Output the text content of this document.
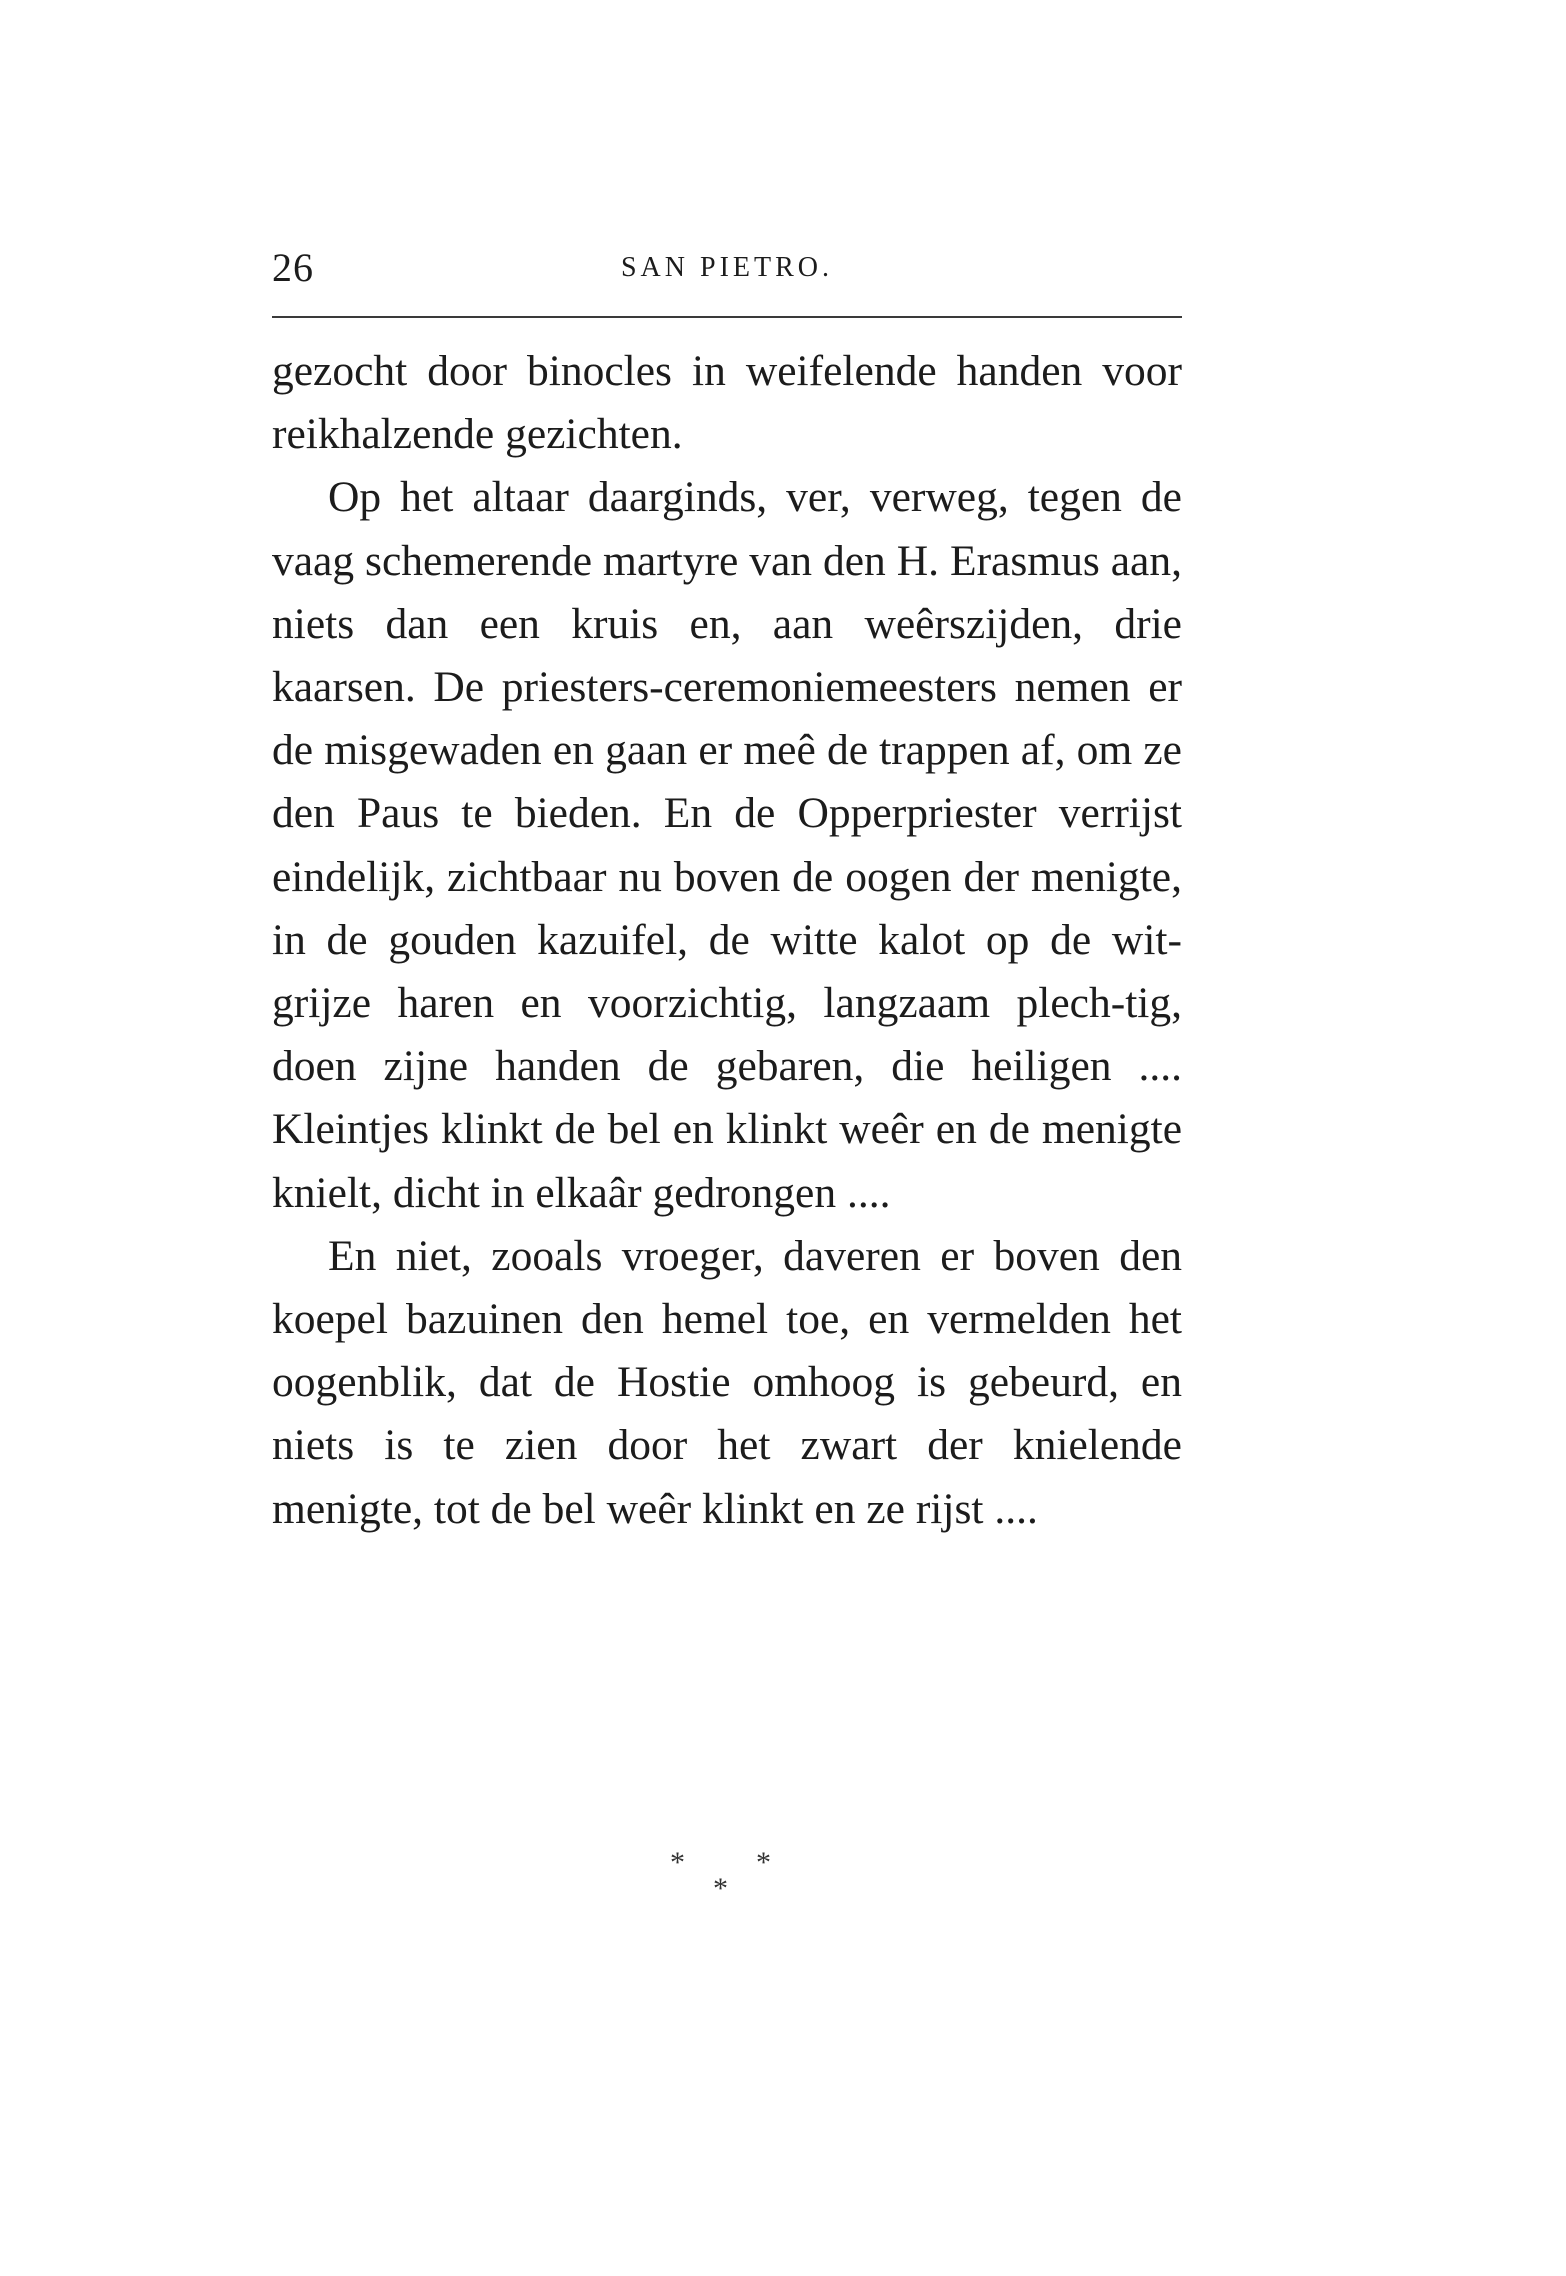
26	SAN PIETRO.

gezocht door binocles in weifelende handen voor reikhalzende gezichten.

Op het altaar daarginds, ver, verweg, tegen de vaag schemerende martyre van den H. Erasmus aan, niets dan een kruis en, aan weêrszijden, drie kaarsen. De priesters-ceremoniemeesters nemen er de misgewaden en gaan er meê de trappen af, om ze den Paus te bieden. En de Opperpriester verrijst eindelijk, zichtbaar nu boven de oogen der menigte, in de gouden kazuifel, de witte kalot op de wit-grijze haren en voorzichtig, langzaam plech-tig, doen zijne handen de gebaren, die heiligen .... Kleintjes klinkt de bel en klinkt weêr en de menigte knielt, dicht in elkaâr gedrongen ....

En niet, zooals vroeger, daveren er boven den koepel bazuinen den hemel toe, en vermelden het oogenblik, dat de Hostie omhoog is gebeurd, en niets is te zien door het zwart der knielende menigte, tot de bel weêr klinkt en ze rijst ....

* *
*
